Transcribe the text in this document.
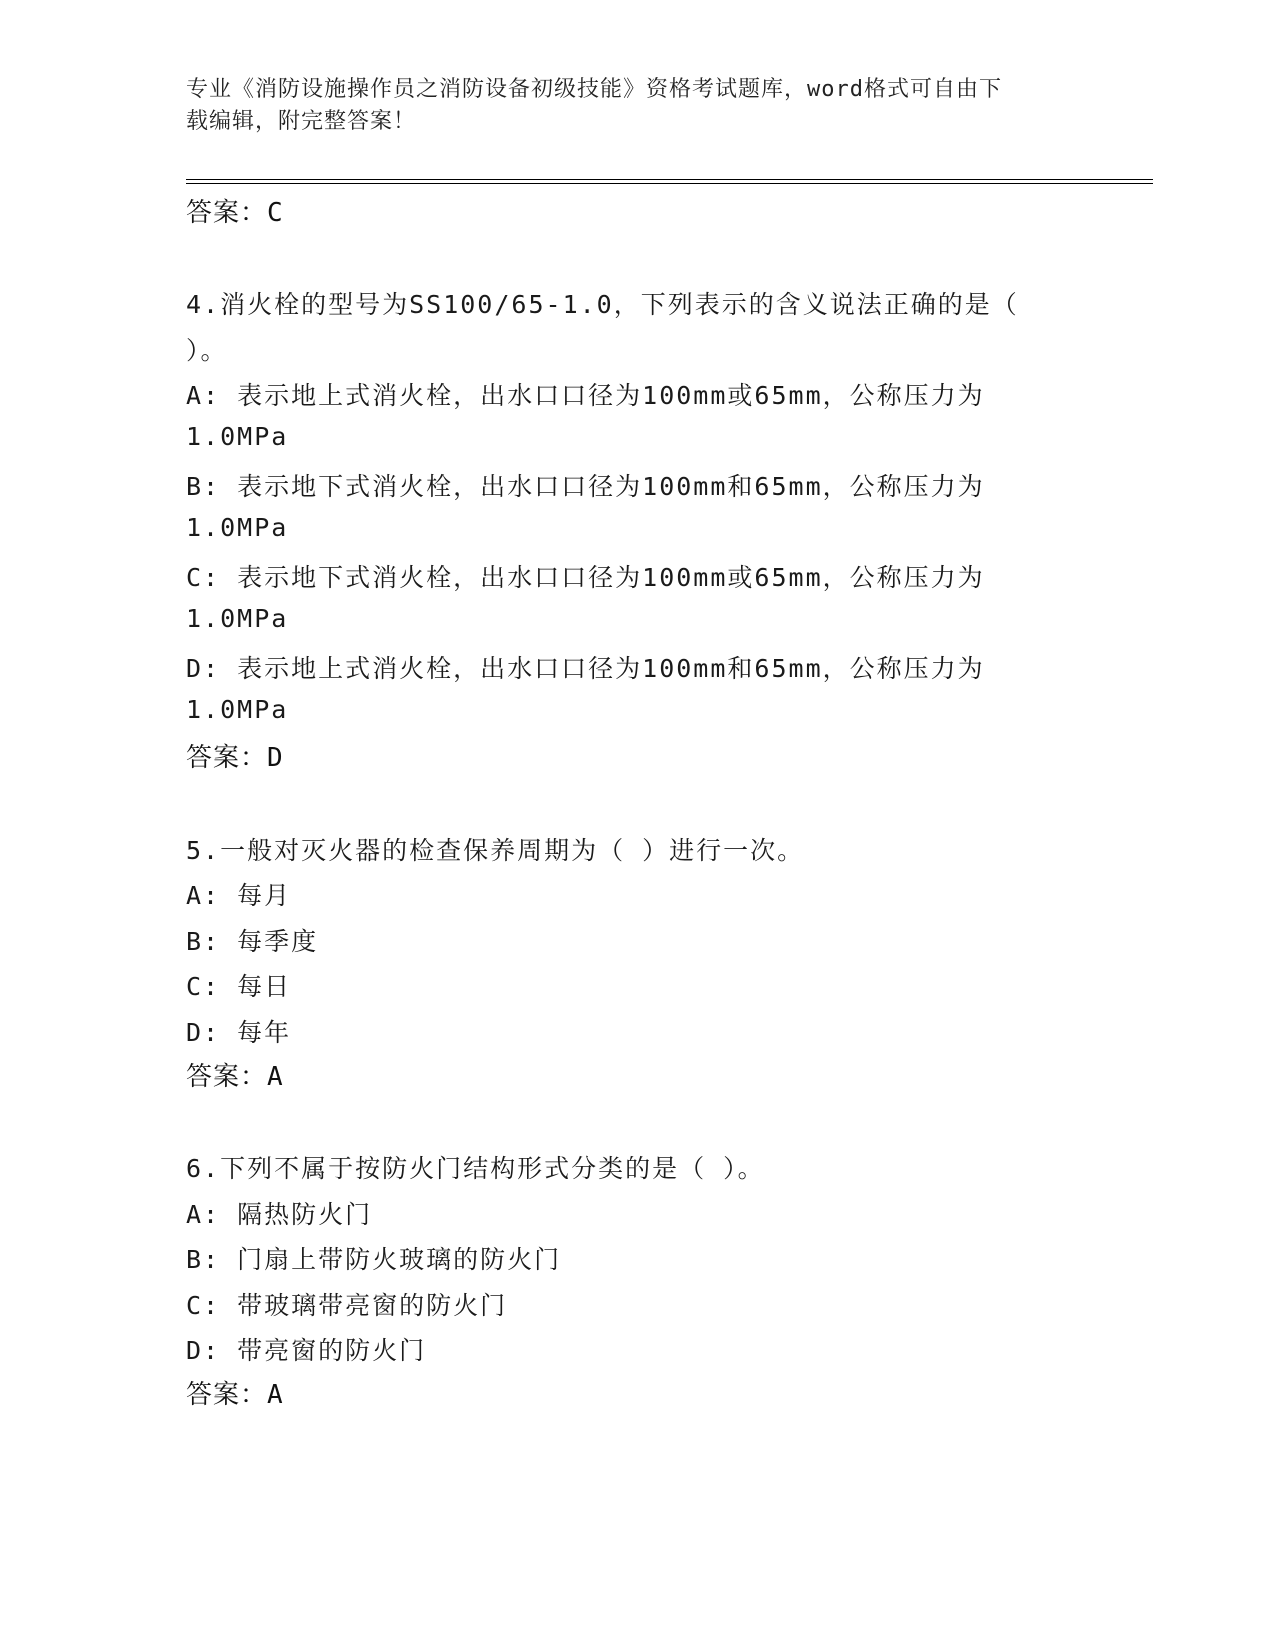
专业《消防设施操作员之消防设备初级技能》资格考试题库，word格式可自由下
载编辑，附完整答案！
答案：C
4.消火栓的型号为SS100/65-1.0，下列表示的含义说法正确的是（
）。
A: 表示地上式消火栓，出水口口径为100mm或65mm，公称压力为
1.0MPa
B: 表示地下式消火栓，出水口口径为100mm和65mm，公称压力为
1.0MPa
C: 表示地下式消火栓，出水口口径为100mm或65mm，公称压力为
1.0MPa
D: 表示地上式消火栓，出水口口径为100mm和65mm，公称压力为
1.0MPa
答案：D
5.一般对灭火器的检查保养周期为（ ）进行一次。
A: 每月
B: 每季度
C: 每日
D: 每年
答案：A
6.下列不属于按防火门结构形式分类的是（ ）。
A: 隔热防火门
B: 门扇上带防火玻璃的防火门
C: 带玻璃带亮窗的防火门
D: 带亮窗的防火门
答案：A
